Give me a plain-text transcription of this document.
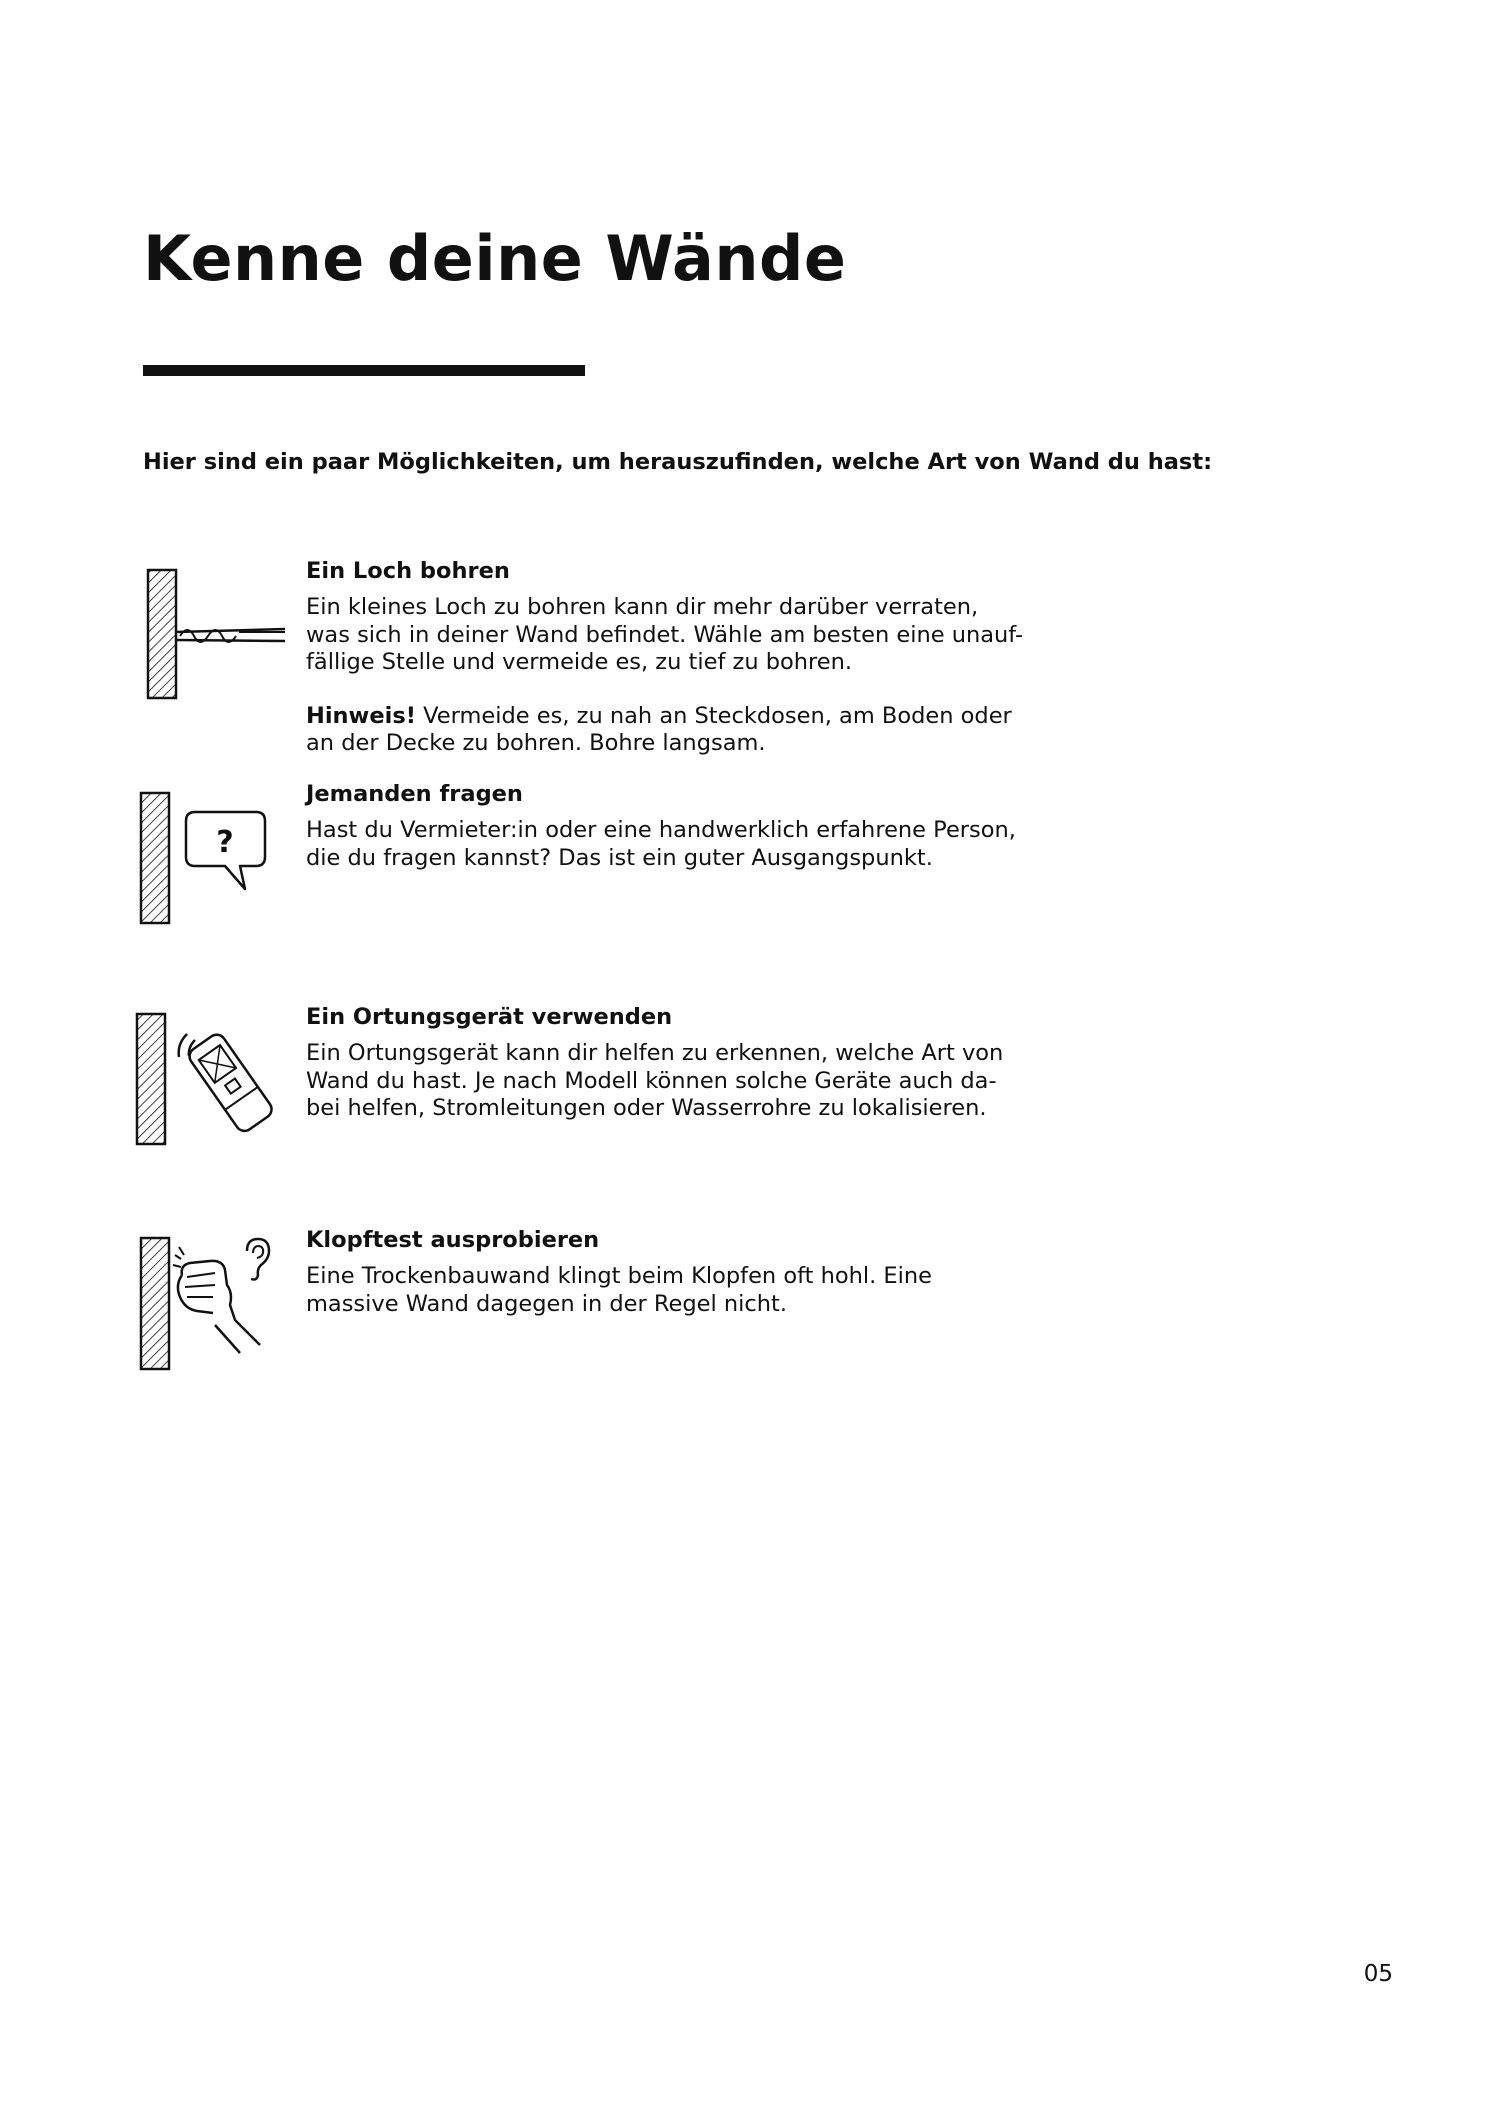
Kenne deine Wände

Hier sind ein paar Möglichkeiten, um herauszufinden, welche Art von Wand du hast:

Ein Loch bohren

Ein kleines Loch zu bohren kann dir mehr darüber verraten,
was sich in deiner Wand befindet. Wähle am besten eine unauf-
fällige Stelle und vermeide es, zu tief zu bohren.

Hinweis! Vermeide es, zu nah an Steckdosen, am Boden oder
an der Decke zu bohren. Bohre langsam.

?
Jemanden fragen

Hast du Vermieter:in oder eine handwerklich erfahrene Person,
die du fragen kannst? Das ist ein guter Ausgangspunkt.

Ein Ortungsgerät verwenden

Ein Ortungsgerät kann dir helfen zu erkennen, welche Art von
Wand du hast. Je nach Modell können solche Geräte auch da-
bei helfen, Stromleitungen oder Wasserrohre zu lokalisieren.

Klopftest ausprobieren

Eine Trockenbauwand klingt beim Klopfen oft hohl. Eine
massive Wand dagegen in der Regel nicht.

05
